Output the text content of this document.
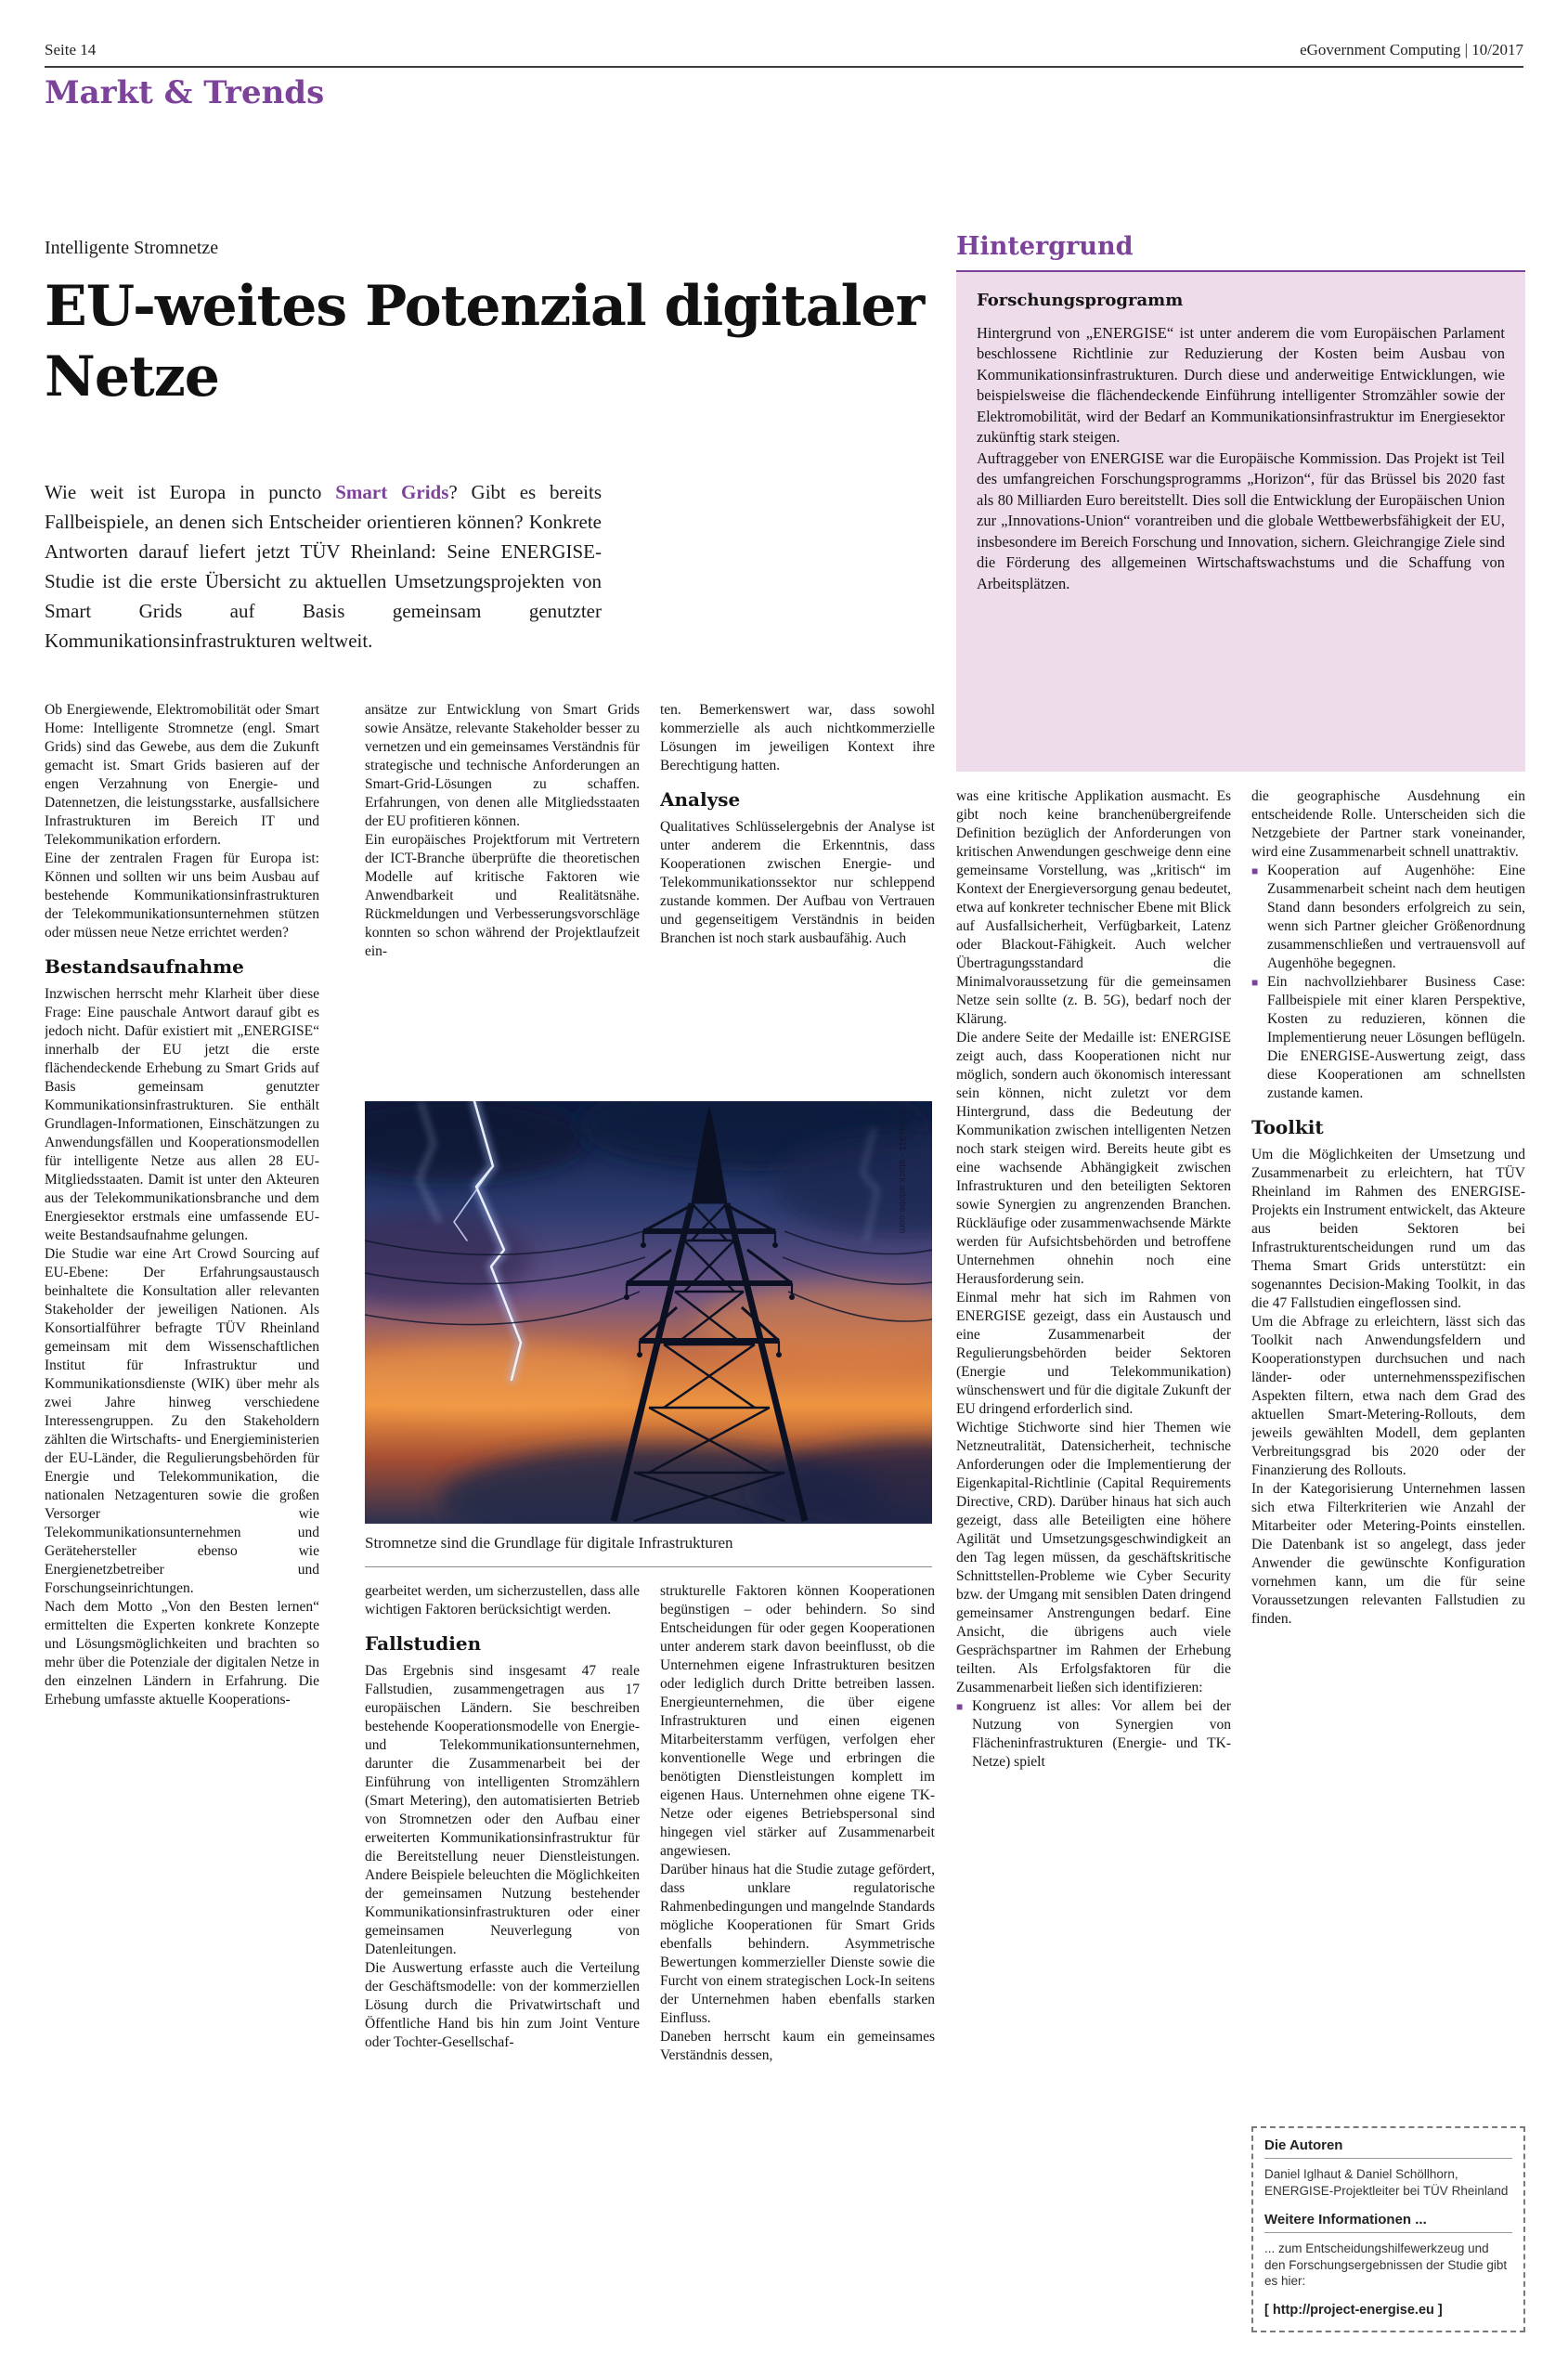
Seite 14	eGovernment Computing | 10/2017
Markt & Trends
Intelligente Stromnetze
EU-weites Potenzial digitaler Netze
Wie weit ist Europa in puncto Smart Grids? Gibt es bereits Fallbeispiele, an denen sich Entscheider orientieren können? Konkrete Antworten darauf liefert jetzt TÜV Rheinland: Seine ENERGISE-Studie ist die erste Übersicht zu aktuellen Umsetzungsprojekten von Smart Grids auf Basis gemeinsam genutzter Kommunikationsinfrastrukturen weltweit.

Ob Energiewende, Elektromobilität oder Smart Home: Intelligente Stromnetze (engl. Smart Grids) sind das Gewebe, aus dem die Zukunft gemacht ist. Smart Grids basieren auf der engen Verzahnung von Energie- und Datennetzen, die leistungsstarke, ausfallsichere Infrastrukturen im Bereich IT und Telekommunikation erfordern.

Eine der zentralen Fragen für Europa ist: Können und sollten wir uns beim Ausbau auf bestehende Kommunikationsinfrastrukturen der Telekommunikationsunternehmen stützen oder müssen neue Netze errichtet werden?

Bestandsaufnahme

Inzwischen herrscht mehr Klarheit über diese Frage: Eine pauschale Antwort darauf gibt es jedoch nicht. Dafür existiert mit „ENERGISE“ innerhalb der EU jetzt die erste flächendeckende Erhebung zu Smart Grids auf Basis gemeinsam genutzter Kommunikationsinfrastrukturen. Sie enthält Grundlagen-Informationen, Einschätzungen zu Anwendungsfällen und Kooperationsmodellen für intelligente Netze aus allen 28 EU-Mitgliedsstaaten. Damit ist unter den Akteuren aus der Telekommunikationsbranche und dem Energiesektor erstmals eine umfassende EU-weite Bestandsaufnahme gelungen.

Die Studie war eine Art Crowd Sourcing auf EU-Ebene: Der Erfahrungsaustausch beinhaltete die Konsultation aller relevanten Stakeholder der jeweiligen Nationen. Als Konsortialführer befragte TÜV Rheinland gemeinsam mit dem Wissenschaftlichen Institut für Infrastruktur und Kommunikationsdienste (WIK) über mehr als zwei Jahre hinweg verschiedene Interessengruppen. Zu den Stakeholdern zählten die Wirtschafts- und Energieministerien der EU-Länder, die Regulierungsbehörden für Energie und Telekommunikation, die nationalen Netzagenturen sowie die großen Versorger wie Telekommunikationsunternehmen und Gerätehersteller ebenso wie Energienetzbetreiber und Forschungseinrichtungen.

Nach dem Motto „Von den Besten lernen“ ermittelten die Experten konkrete Konzepte und Lösungsmöglichkeiten und brachten so mehr über die Potenziale der digitalen Netze in den einzelnen Ländern in Erfahrung. Die Erhebung umfasste aktuelle Kooperations-

ansätze zur Entwicklung von Smart Grids sowie Ansätze, relevante Stakeholder besser zu vernetzen und ein gemeinsames Verständnis für strategische und technische Anforderungen an Smart-Grid-Lösungen zu schaffen. Erfahrungen, von denen alle Mitgliedsstaaten der EU profitieren können.

Ein europäisches Projektforum mit Vertretern der ICT-Branche überprüfte die theoretischen Modelle auf kritische Faktoren wie Anwendbarkeit und Realitätsnähe. Rückmeldungen und Verbesserungsvorschläge konnten so schon während der Projektlaufzeit ein-

ten. Bemerkenswert war, dass sowohl kommerzielle als auch nichtkommerzielle Lösungen im jeweiligen Kontext ihre Berechtigung hatten.

Analyse

Qualitatives Schlüsselergebnis der Analyse ist unter anderem die Erkenntnis, dass Kooperationen zwischen Energie- und Telekommunikationssektor nur schleppend zustande kommen. Der Aufbau von Vertrauen und gegenseitigem Verständnis in beiden Branchen ist noch stark ausbaufähig. Auch

© mjs311 - stock.adobe.com
Stromnetze sind die Grundlage für digitale Infrastrukturen

gearbeitet werden, um sicherzustellen, dass alle wichtigen Faktoren berücksichtigt werden.

Fallstudien

Das Ergebnis sind insgesamt 47 reale Fallstudien, zusammengetragen aus 17 europäischen Ländern. Sie beschreiben bestehende Kooperationsmodelle von Energie- und Telekommunikationsunternehmen, darunter die Zusammenarbeit bei der Einführung von intelligenten Stromzählern (Smart Metering), den automatisierten Betrieb von Stromnetzen oder den Aufbau einer erweiterten Kommunikationsinfrastruktur für die Bereitstellung neuer Dienstleistungen. Andere Beispiele beleuchten die Möglichkeiten der gemeinsamen Nutzung bestehender Kommunikationsinfrastrukturen oder einer gemeinsamen Neuverlegung von Datenleitungen.

Die Auswertung erfasste auch die Verteilung der Geschäftsmodelle: von der kommerziellen Lösung durch die Privatwirtschaft und Öffentliche Hand bis hin zum Joint Venture oder Tochter-Gesellschaf-

strukturelle Faktoren können Kooperationen begünstigen – oder behindern. So sind Entscheidungen für oder gegen Kooperationen unter anderem stark davon beeinflusst, ob die Unternehmen eigene Infrastrukturen besitzen oder lediglich durch Dritte betreiben lassen. Energieunternehmen, die über eigene Infrastrukturen und einen eigenen Mitarbeiterstamm verfügen, verfolgen eher konventionelle Wege und erbringen die benötigten Dienstleistungen komplett im eigenen Haus. Unternehmen ohne eigene TK-Netze oder eigenes Betriebspersonal sind hingegen viel stärker auf Zusammenarbeit angewiesen.

Darüber hinaus hat die Studie zutage gefördert, dass unklare regulatorische Rahmenbedingungen und mangelnde Standards mögliche Kooperationen für Smart Grids ebenfalls behindern. Asymmetrische Bewertungen kommerzieller Dienste sowie die Furcht von einem strategischen Lock-In seitens der Unternehmen haben ebenfalls starken Einfluss.

Daneben herrscht kaum ein gemeinsames Verständnis dessen,

Hintergrund
Forschungsprogramm

Hintergrund von „ENERGISE“ ist unter anderem die vom Europäischen Parlament beschlossene Richtlinie zur Reduzierung der Kosten beim Ausbau von Kommunikationsinfrastrukturen. Durch diese und anderweitige Entwicklungen, wie beispielsweise die flächendeckende Einführung intelligenter Stromzähler sowie der Elektromobilität, wird der Bedarf an Kommunikationsinfrastruktur im Energiesektor zukünftig stark steigen.

Auftraggeber von ENERGISE war die Europäische Kommission. Das Projekt ist Teil des umfangreichen Forschungsprogramms „Horizon“, für das Brüssel bis 2020 fast als 80 Milliarden Euro bereitstellt. Dies soll die Entwicklung der Europäischen Union zur „Innovations-Union“ vorantreiben und die globale Wettbewerbsfähigkeit der EU, insbesondere im Bereich Forschung und Innovation, sichern. Gleichrangige Ziele sind die Förderung des allgemeinen Wirtschaftswachstums und die Schaffung von Arbeitsplätzen.

was eine kritische Applikation ausmacht. Es gibt noch keine branchenübergreifende Definition bezüglich der Anforderungen von kritischen Anwendungen geschweige denn eine gemeinsame Vorstellung, was „kritisch“ im Kontext der Energieversorgung genau bedeutet, etwa auf konkreter technischer Ebene mit Blick auf Ausfallsicherheit, Verfügbarkeit, Latenz oder Blackout-Fähigkeit. Auch welcher Übertragungsstandard die Minimalvoraussetzung für die gemeinsamen Netze sein sollte (z. B. 5G), bedarf noch der Klärung.

Die andere Seite der Medaille ist: ENERGISE zeigt auch, dass Kooperationen nicht nur möglich, sondern auch ökonomisch interessant sein können, nicht zuletzt vor dem Hintergrund, dass die Bedeutung der Kommunikation zwischen intelligenten Netzen noch stark steigen wird. Bereits heute gibt es eine wachsende Abhängigkeit zwischen Infrastrukturen und den beteiligten Sektoren sowie Synergien zu angrenzenden Branchen. Rückläufige oder zusammenwachsende Märkte werden für Aufsichtsbehörden und betroffene Unternehmen ohnehin noch eine Herausforderung sein.

Einmal mehr hat sich im Rahmen von ENERGISE gezeigt, dass ein Austausch und eine Zusammenarbeit der Regulierungsbehörden beider Sektoren (Energie und Telekommunikation) wünschenswert und für die digitale Zukunft der EU dringend erforderlich sind.

Wichtige Stichworte sind hier Themen wie Netzneutralität, Datensicherheit, technische Anforderungen oder die Implementierung der Eigenkapital-Richtlinie (Capital Requirements Directive, CRD). Darüber hinaus hat sich auch gezeigt, dass alle Beteiligten eine höhere Agilität und Umsetzungsgeschwindigkeit an den Tag legen müssen, da geschäftskritische Schnittstellen-Probleme wie Cyber Security bzw. der Umgang mit sensiblen Daten dringend gemeinsamer Anstrengungen bedarf. Eine Ansicht, die übrigens auch viele Gesprächspartner im Rahmen der Erhebung teilten. Als Erfolgsfaktoren für die Zusammenarbeit ließen sich identifizieren:

■ Kongruenz ist alles: Vor allem bei der Nutzung von Synergien von Flächeninfrastrukturen (Energie- und TK-Netze) spielt

die geographische Ausdehnung ein entscheidende Rolle. Unterscheiden sich die Netzgebiete der Partner stark voneinander, wird eine Zusammenarbeit schnell unattraktiv.

■ Kooperation auf Augenhöhe: Eine Zusammenarbeit scheint nach dem heutigen Stand dann besonders erfolgreich zu sein, wenn sich Partner gleicher Größenordnung zusammenschließen und vertrauensvoll auf Augenhöhe begegnen.

■ Ein nachvollziehbarer Business Case: Fallbeispiele mit einer klaren Perspektive, Kosten zu reduzieren, können die Implementierung neuer Lösungen beflügeln. Die ENERGISE-Auswertung zeigt, dass diese Kooperationen am schnellsten zustande kamen.

Toolkit

Um die Möglichkeiten der Umsetzung und Zusammenarbeit zu erleichtern, hat TÜV Rheinland im Rahmen des ENERGISE-Projekts ein Instrument entwickelt, das Akteure aus beiden Sektoren bei Infrastrukturentscheidungen rund um das Thema Smart Grids unterstützt: ein sogenanntes Decision-Making Toolkit, in das die 47 Fallstudien eingeflossen sind.

Um die Abfrage zu erleichtern, lässt sich das Toolkit nach Anwendungsfeldern und Kooperationstypen durchsuchen und nach länder- oder unternehmensspezifischen Aspekten filtern, etwa nach dem Grad des aktuellen Smart-Metering-Rollouts, dem jeweils gewählten Modell, dem geplanten Verbreitungsgrad bis 2020 oder der Finanzierung des Rollouts.

In der Kategorisierung Unternehmen lassen sich etwa Filterkriterien wie Anzahl der Mitarbeiter oder Metering-Points einstellen. Die Datenbank ist so angelegt, dass jeder Anwender die gewünschte Konfiguration vornehmen kann, um die für seine Voraussetzungen relevanten Fallstudien zu finden.

Die Autoren

Daniel Iglhaut & Daniel Schöllhorn, ENERGISE-Projektleiter bei TÜV Rheinland

Weitere Informationen ...

... zum Entscheidungshilfewerkzeug und den Forschungsergebnissen der Studie gibt es hier:

[ http://project-energise.eu ]
